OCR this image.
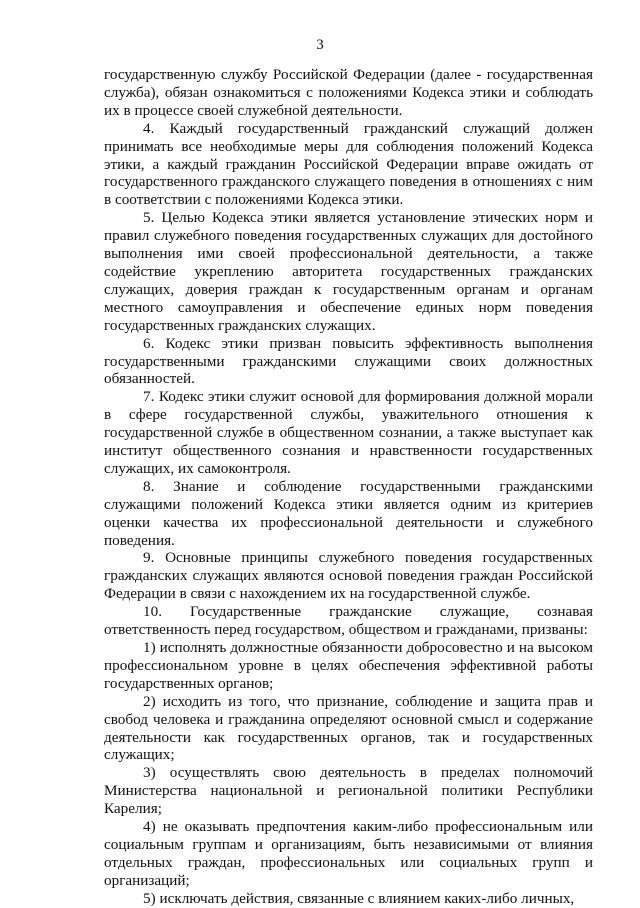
3

государственную службу Российской Федерации (далее - государственная служба), обязан ознакомиться с положениями Кодекса этики и соблюдать их в процессе своей служебной деятельности.

4. Каждый государственный гражданский служащий должен принимать все необходимые меры для соблюдения положений Кодекса этики, а каждый гражданин Российской Федерации вправе ожидать от государственного гражданского служащего поведения в отношениях с ним в соответствии с положениями Кодекса этики.

5. Целью Кодекса этики является установление этических норм и правил служебного поведения государственных служащих для достойного выполнения ими своей профессиональной деятельности, а также содействие укреплению авторитета государственных гражданских служащих, доверия граждан к государственным органам и органам местного самоуправления и обеспечение единых норм поведения государственных гражданских служащих.

6. Кодекс этики призван повысить эффективность выполнения государственными гражданскими служащими своих должностных обязанностей.

7. Кодекс этики служит основой для формирования должной морали в сфере государственной службы, уважительного отношения к государственной службе в общественном сознании, а также выступает как институт общественного сознания и нравственности государственных служащих, их самоконтроля.

8. Знание и соблюдение государственными гражданскими служащими положений Кодекса этики является одним из критериев оценки качества их профессиональной деятельности и служебного поведения.

9. Основные принципы служебного поведения государственных гражданских служащих являются основой поведения граждан Российской Федерации в связи с нахождением их на государственной службе.

10. Государственные гражданские служащие, сознавая ответственность перед государством, обществом и гражданами, призваны:

1) исполнять должностные обязанности добросовестно и на высоком профессиональном уровне в целях обеспечения эффективной работы государственных органов;

2) исходить из того, что признание, соблюдение и защита прав и свобод человека и гражданина определяют основной смысл и содержание деятельности как государственных органов, так и государственных служащих;

3) осуществлять свою деятельность в пределах полномочий Министерства национальной и региональной политики Республики Карелия;

4) не оказывать предпочтения каким-либо профессиональным или социальным группам и организациям, быть независимыми от влияния отдельных граждан, профессиональных или социальных групп и организаций;

5) исключать действия, связанные с влиянием каких-либо личных,
